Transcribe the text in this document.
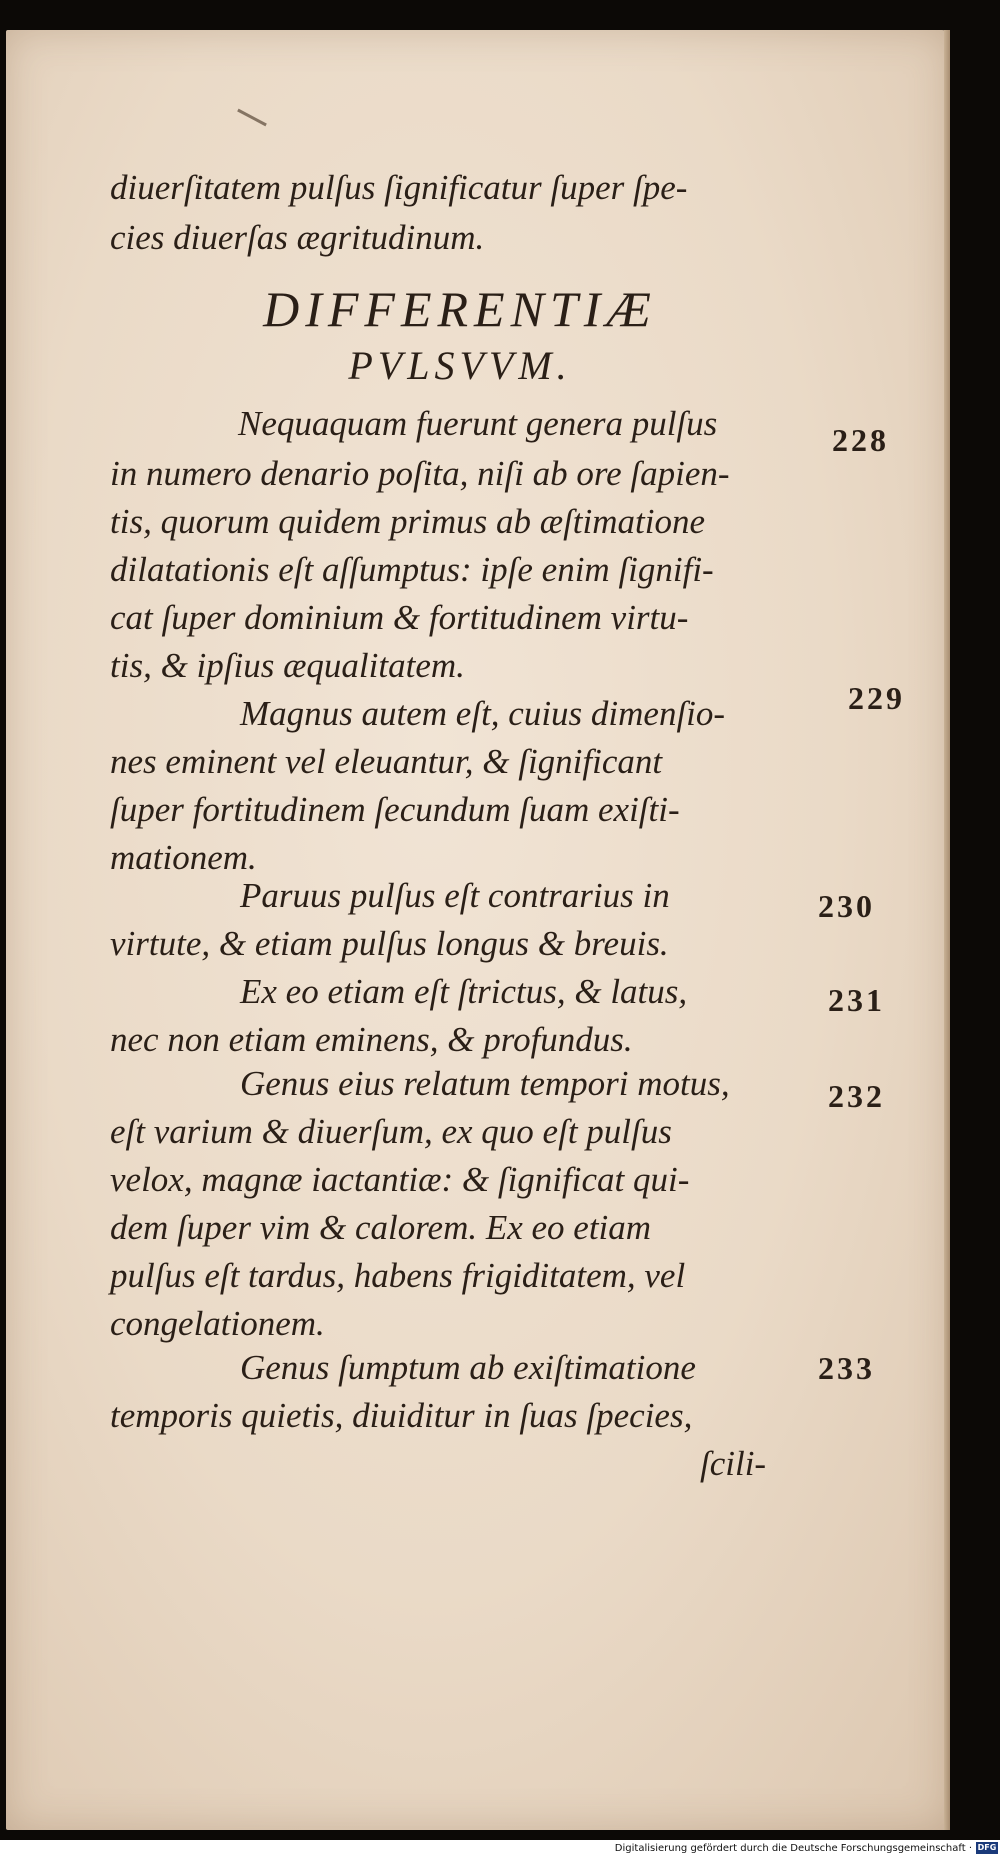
diuerſitatem pulſus ſignificatur ſuper ſpe-
cies diuerſas ægritudinum.
DIFFERENTIÆ
PVLSVVM.
Nequaquam fuerunt genera pulſus
in numero denario poſita, niſi ab ore ſapien-
tis, quorum quidem primus ab æſtimatione
dilatationis eſt aſſumptus: ipſe enim ſignifi-
cat ſuper dominium & fortitudinem virtu-
tis, & ipſius æqualitatem.
Magnus autem eſt, cuius dimenſio-
nes eminent vel eleuantur, & ſignificant
ſuper fortitudinem ſecundum ſuam exiſti-
mationem.
Paruus pulſus eſt contrarius in
virtute, & etiam pulſus longus & breuis.
Ex eo etiam eſt ſtrictus, & latus,
nec non etiam eminens, & profundus.
Genus eius relatum tempori motus,
eſt varium & diuerſum, ex quo eſt pulſus
velox, magnæ iactantiæ: & ſignificat qui-
dem ſuper vim & calorem. Ex eo etiam
pulſus eſt tardus, habens frigiditatem, vel
congelationem.
Genus ſumptum ab exiſtimatione
temporis quietis, diuiditur in ſuas ſpecies,
ſcili-
228
229
230
231
232
233
Digitalisierung gefördert durch die Deutsche Forschungsgemeinschaft · DFG
